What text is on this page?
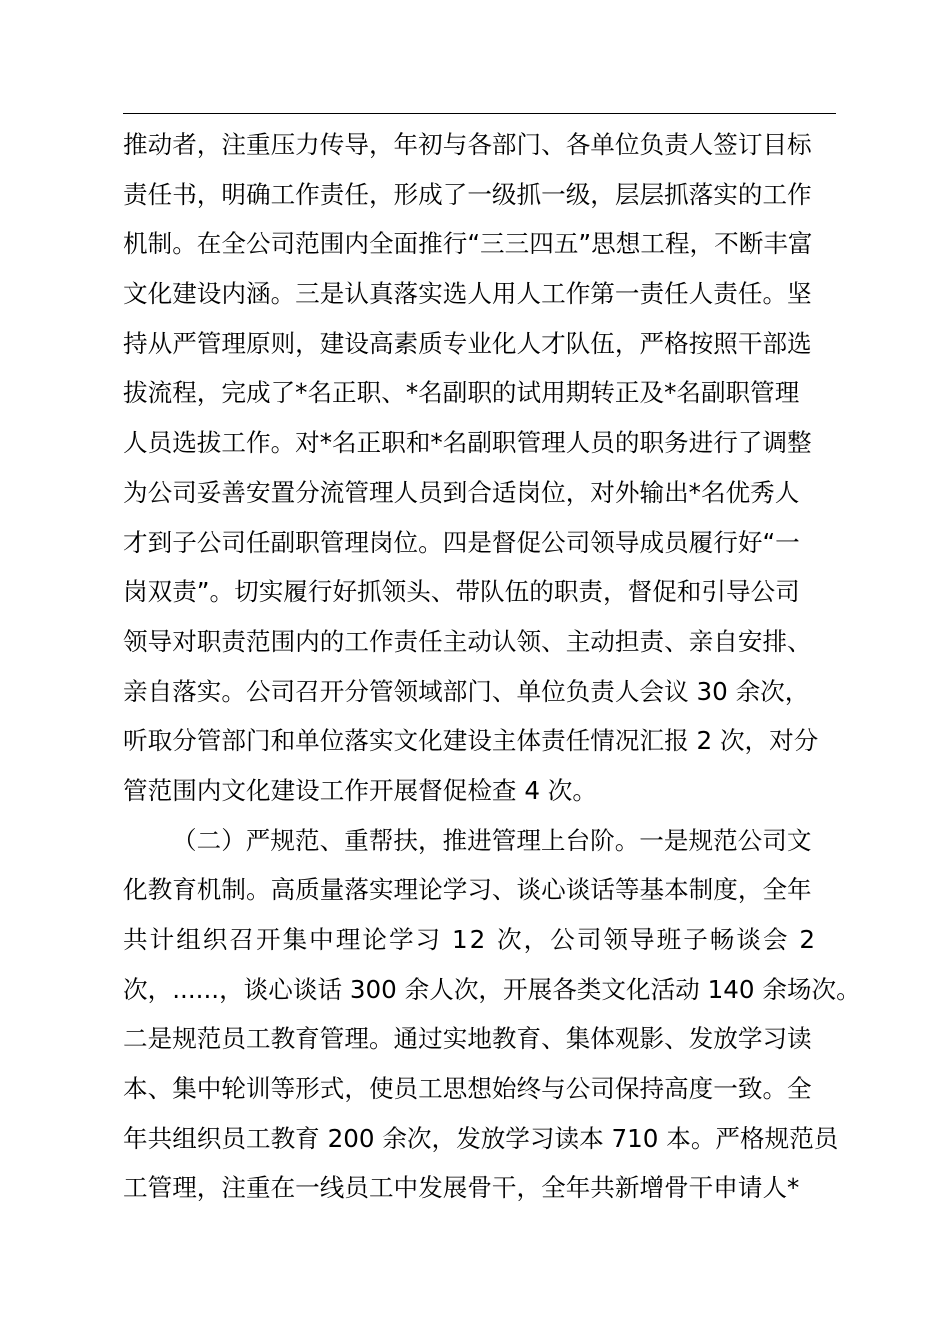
推动者，注重压力传导，年初与各部门、各单位负责人签订目标
责任书，明确工作责任，形成了一级抓一级，层层抓落实的工作
机制。在全公司范围内全面推行“三三四五”思想工程，不断丰富
文化建设内涵。三是认真落实选人用人工作第一责任人责任。坚
持从严管理原则，建设高素质专业化人才队伍，严格按照干部选
拔流程，完成了*名正职、*名副职的试用期转正及*名副职管理
人员选拔工作。对*名正职和*名副职管理人员的职务进行了调整
为公司妥善安置分流管理人员到合适岗位，对外输出*名优秀人
才到子公司任副职管理岗位。四是督促公司领导成员履行好“一
岗双责”。切实履行好抓领头、带队伍的职责，督促和引导公司
领导对职责范围内的工作责任主动认领、主动担责、亲自安排、
亲自落实。公司召开分管领域部门、单位负责人会议 30 余次，
听取分管部门和单位落实文化建设主体责任情况汇报 2 次，对分
管范围内文化建设工作开展督促检查 4 次。
（二）严规范、重帮扶，推进管理上台阶。一是规范公司文
化教育机制。高质量落实理论学习、谈心谈话等基本制度，全年
共计组织召开集中理论学习 12 次，公司领导班子畅谈会 2
次，......，谈心谈话 300 余人次，开展各类文化活动 140 余场次。
二是规范员工教育管理。通过实地教育、集体观影、发放学习读
本、集中轮训等形式，使员工思想始终与公司保持高度一致。全
年共组织员工教育 200 余次，发放学习读本 710 本。严格规范员
工管理，注重在一线员工中发展骨干，全年共新增骨干申请人*
